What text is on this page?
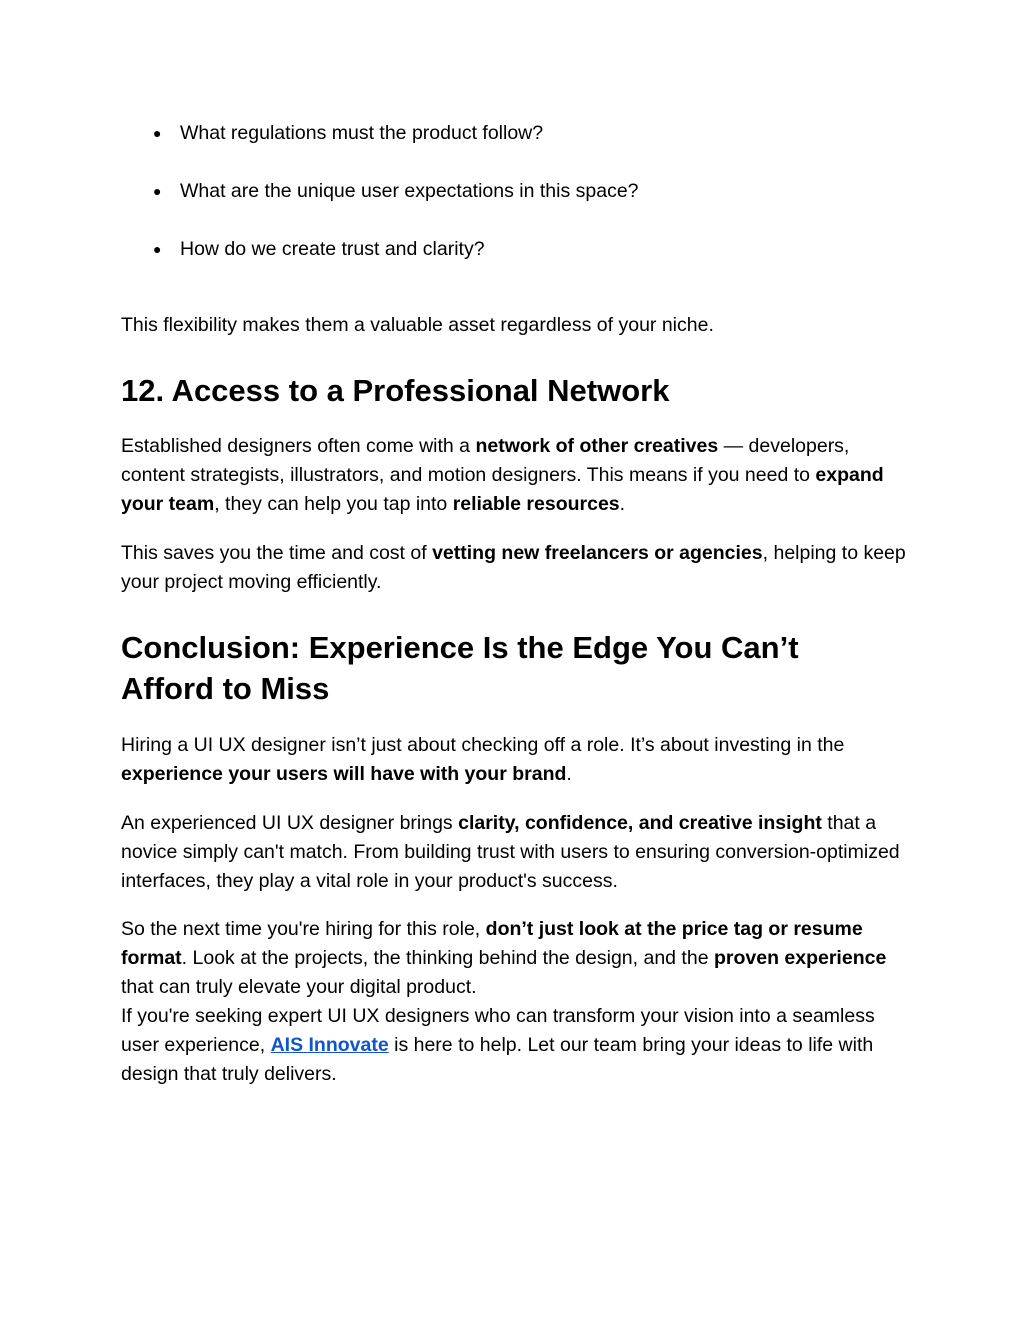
● What regulations must the product follow?
● What are the unique user expectations in this space?
● How do we create trust and clarity?

This flexibility makes them a valuable asset regardless of your niche.

12. Access to a Professional Network

Established designers often come with a network of other creatives — developers, content strategists, illustrators, and motion designers. This means if you need to expand your team, they can help you tap into reliable resources.

This saves you the time and cost of vetting new freelancers or agencies, helping to keep your project moving efficiently.

Conclusion: Experience Is the Edge You Can’t Afford to Miss

Hiring a UI UX designer isn’t just about checking off a role. It’s about investing in the experience your users will have with your brand.

An experienced UI UX designer brings clarity, confidence, and creative insight that a novice simply can't match. From building trust with users to ensuring conversion-optimized interfaces, they play a vital role in your product's success.

So the next time you're hiring for this role, don’t just look at the price tag or resume format. Look at the projects, the thinking behind the design, and the proven experience that can truly elevate your digital product.

If you're seeking expert UI UX designers who can transform your vision into a seamless user experience, AIS Innovate is here to help. Let our team bring your ideas to life with design that truly delivers.
